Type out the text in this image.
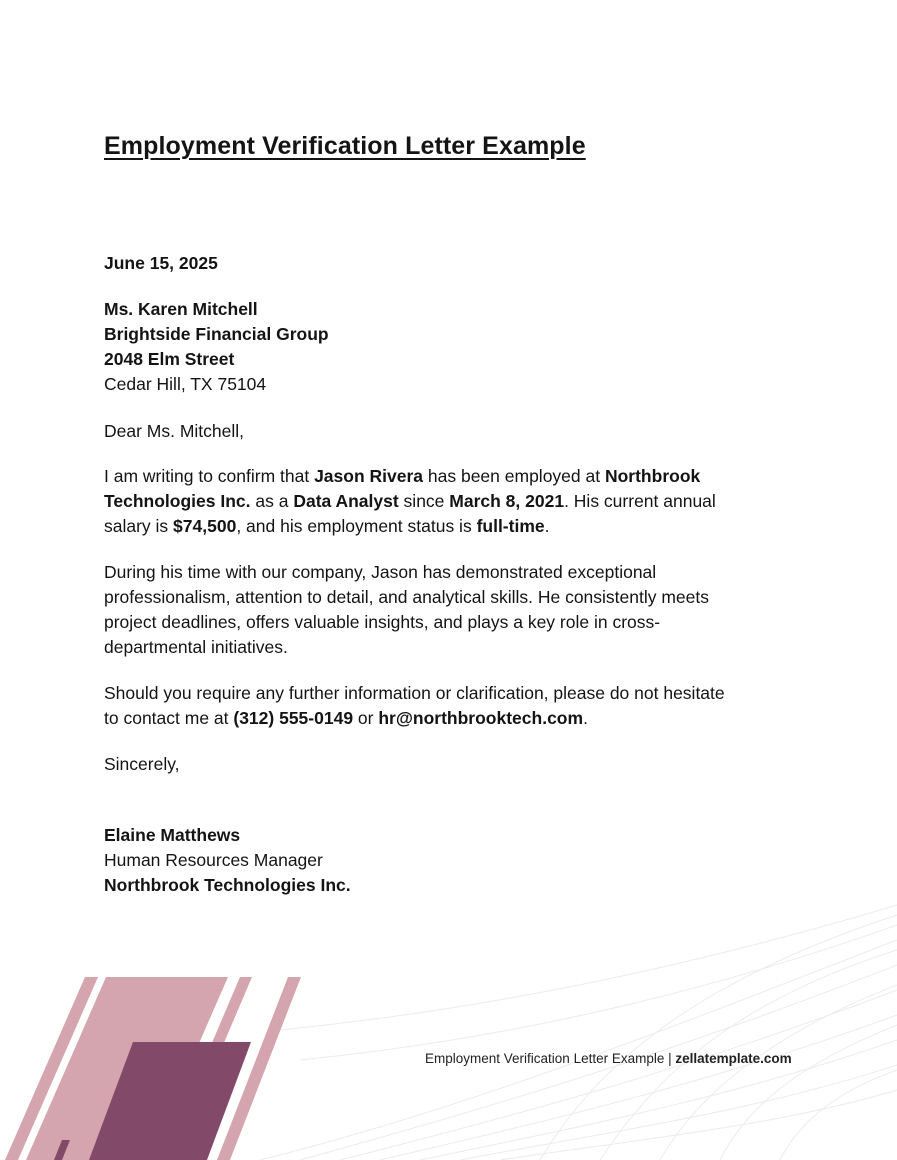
Employment Verification Letter Example
June 15, 2025
Ms. Karen Mitchell
Brightside Financial Group
2048 Elm Street
Cedar Hill, TX 75104
Dear Ms. Mitchell,
I am writing to confirm that Jason Rivera has been employed at Northbrook
Technologies Inc. as a Data Analyst since March 8, 2021. His current annual
salary is $74,500, and his employment status is full-time.
During his time with our company, Jason has demonstrated exceptional
professionalism, attention to detail, and analytical skills. He consistently meets
project deadlines, offers valuable insights, and plays a key role in cross-
departmental initiatives.
Should you require any further information or clarification, please do not hesitate
to contact me at (312) 555-0149 or hr@northbrooktech.com.
Sincerely,
Elaine Matthews
Human Resources Manager
Northbrook Technologies Inc.
Employment Verification Letter Example | zellatemplate.com
